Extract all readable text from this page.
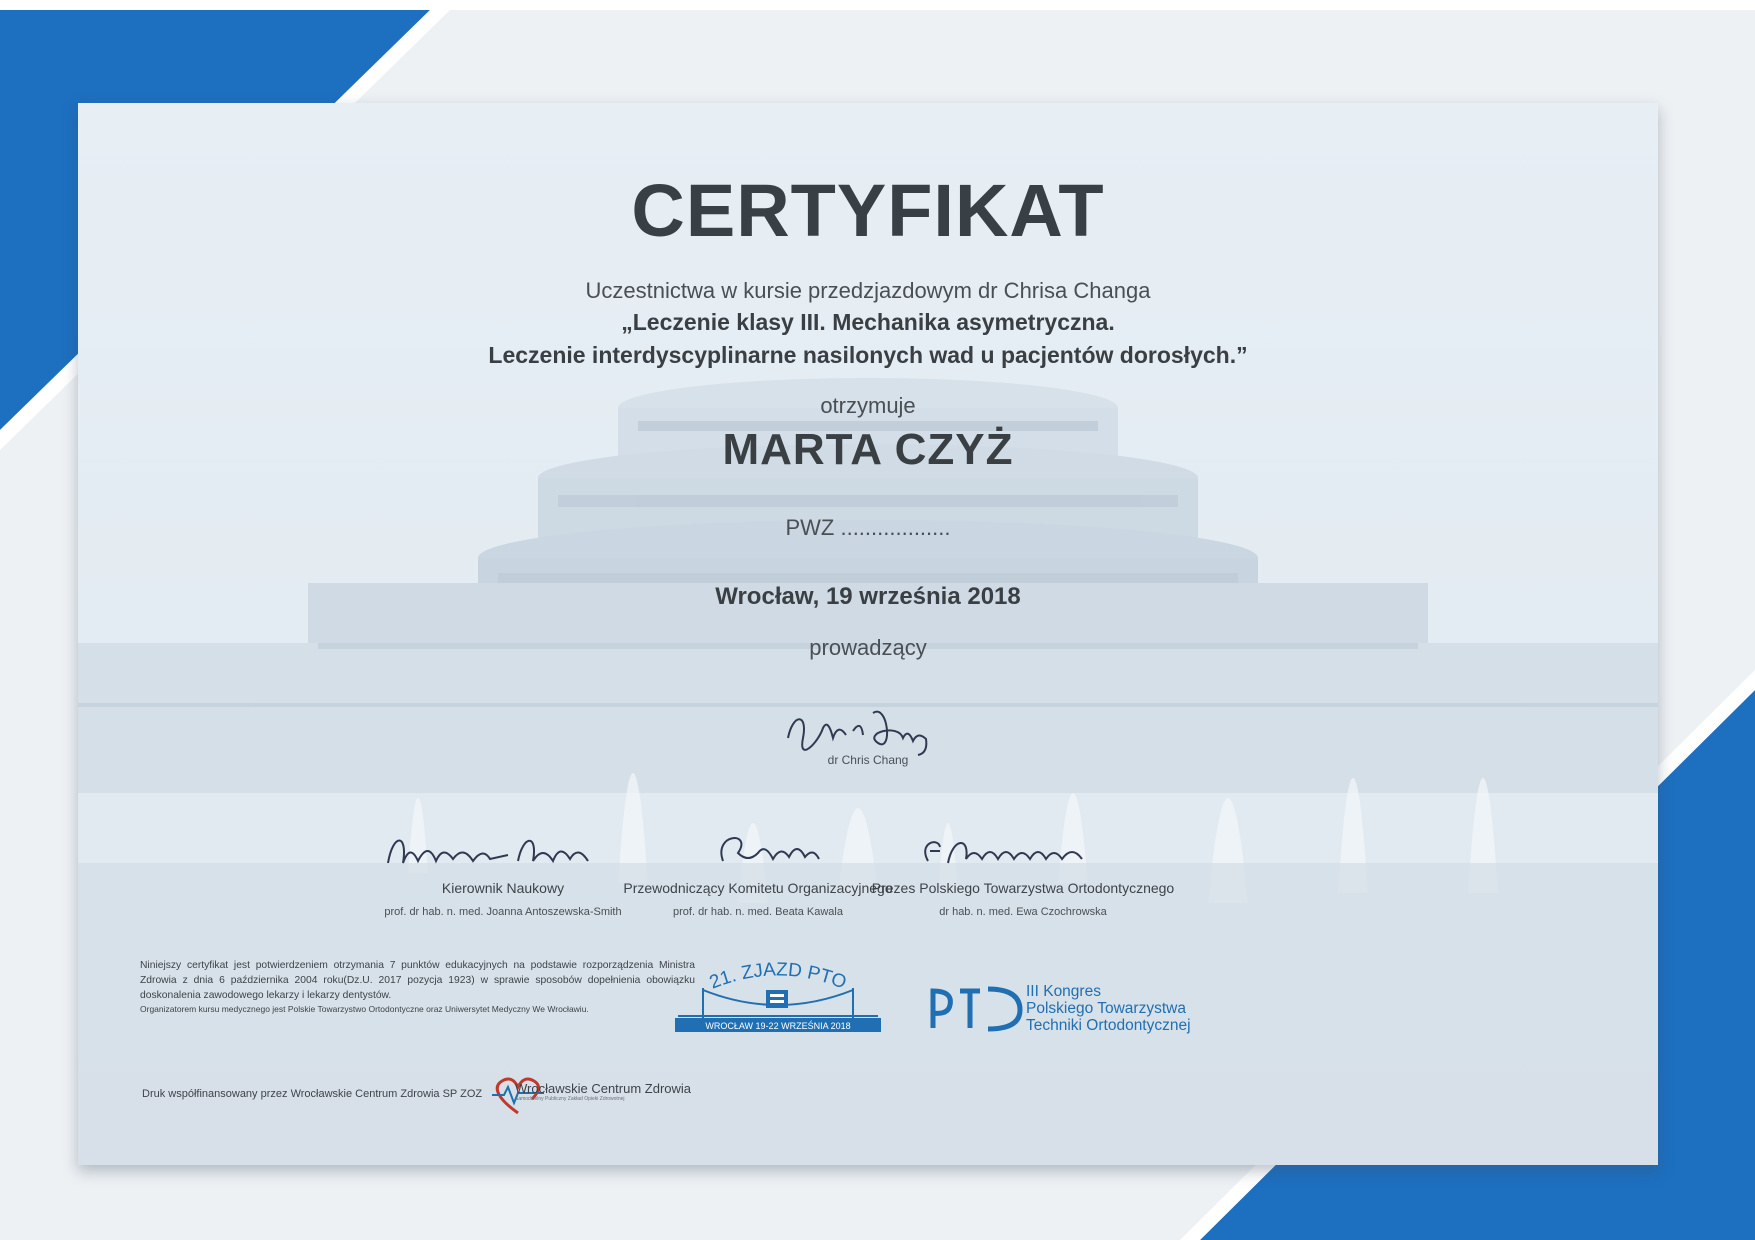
CERTYFIKAT
Uczestnictwa w kursie przedzjazdowym dr Chrisa Changa
„Leczenie klasy III. Mechanika asymetryczna.
Leczenie interdyscyplinarne nasilonych wad u pacjentów dorosłych.”
otrzymuje
MARTA CZYŻ
PWZ ..................
Wrocław, 19 września 2018
prowadzący
dr Chris Chang
Kierownik Naukowy
prof. dr hab. n. med. Joanna Antoszewska-Smith
Przewodniczący Komitetu Organizacyjnego
prof. dr hab. n. med. Beata Kawala
Prezes Polskiego Towarzystwa Ortodontycznego
dr hab. n. med. Ewa Czochrowska
Niniejszy certyfikat jest potwierdzeniem otrzymania 7 punktów edukacyjnych na podstawie rozporządzenia Ministra Zdrowia z dnia 6 października 2004 roku(Dz.U. 2017 pozycja 1923) w sprawie sposobów dopełnienia obowiązku doskonalenia zawodowego lekarzy i lekarzy dentystów.
Organizatorem kursu medycznego jest Polskie Towarzystwo Ortodontyczne oraz Uniwersytet Medyczny We Wrocławiu.
21. ZJAZD PTO
WROCŁAW 19-22 WRZEŚNIA 2018
III Kongres
Polskiego Towarzystwa
Techniki Ortodontycznej
Druk współfinansowany przez Wrocławskie Centrum Zdrowia SP ZOZ	Wrocławskie Centrum Zdrowia
Samodzielny Publiczny Zakład Opieki Zdrowotnej
